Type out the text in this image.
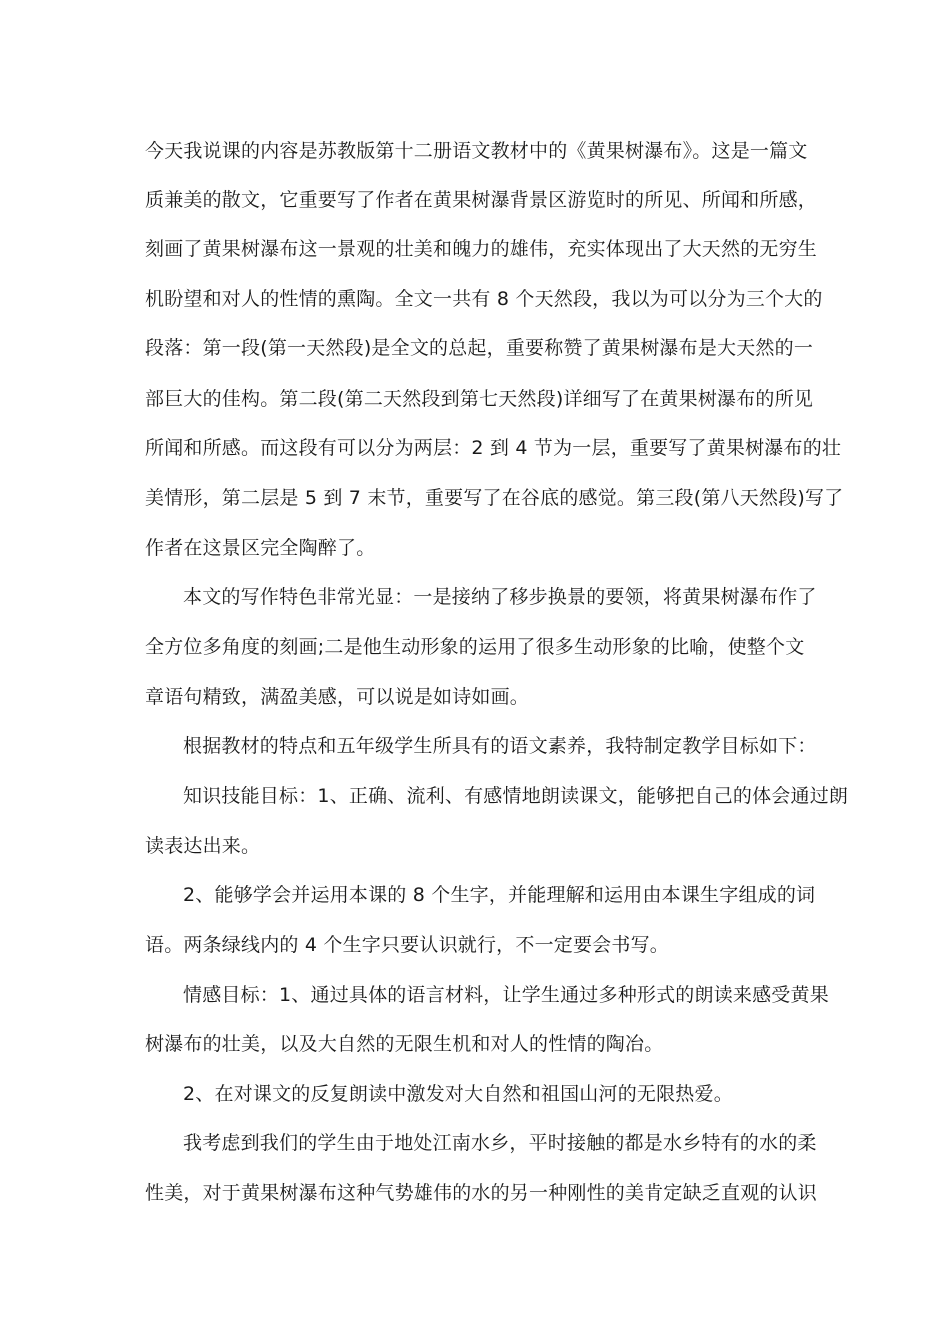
今天我说课的内容是苏教版第十二册语文教材中的《黄果树瀑布》。这是一篇文
质兼美的散文，它重要写了作者在黄果树瀑背景区游览时的所见、所闻和所感，
刻画了黄果树瀑布这一景观的壮美和魄力的雄伟，充实体现出了大天然的无穷生
机盼望和对人的性情的熏陶。全文一共有 8 个天然段，我以为可以分为三个大的
段落：第一段(第一天然段)是全文的总起，重要称赞了黄果树瀑布是大天然的一
部巨大的佳构。第二段(第二天然段到第七天然段)详细写了在黄果树瀑布的所见
所闻和所感。而这段有可以分为两层：2 到 4 节为一层，重要写了黄果树瀑布的壮
美情形，第二层是 5 到 7 末节，重要写了在谷底的感觉。第三段(第八天然段)写了
作者在这景区完全陶醉了。
本文的写作特色非常光显：一是接纳了移步换景的要领，将黄果树瀑布作了
全方位多角度的刻画;二是他生动形象的运用了很多生动形象的比喻，使整个文
章语句精致，满盈美感，可以说是如诗如画。
根据教材的特点和五年级学生所具有的语文素养，我特制定教学目标如下：
知识技能目标：1、正确、流利、有感情地朗读课文，能够把自己的体会通过朗
读表达出来。
2、能够学会并运用本课的 8 个生字，并能理解和运用由本课生字组成的词
语。两条绿线内的 4 个生字只要认识就行，不一定要会书写。
情感目标：1、通过具体的语言材料，让学生通过多种形式的朗读来感受黄果
树瀑布的壮美，以及大自然的无限生机和对人的性情的陶冶。
2、在对课文的反复朗读中激发对大自然和祖国山河的无限热爱。
我考虑到我们的学生由于地处江南水乡，平时接触的都是水乡特有的水的柔
性美，对于黄果树瀑布这种气势雄伟的水的另一种刚性的美肯定缺乏直观的认识
